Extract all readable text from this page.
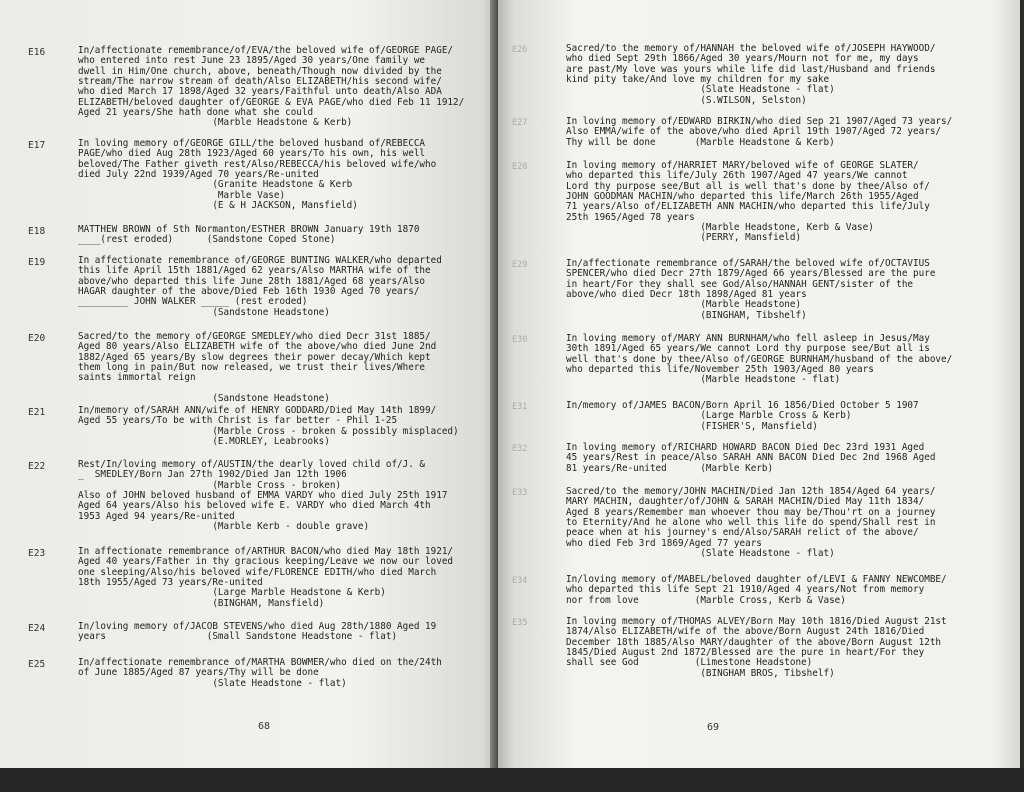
E16	In/affectionate remembrance/of/EVA/the beloved wife of/GEORGE PAGE/
who entered into rest June 23 1895/Aged 30 years/One family we
dwell in Him/One church, above, beneath/Though now divided by the
stream/The narrow stream of death/Also ELIZABETH/his second wife/
who died March 17 1898/Aged 32 years/Faithful unto death/Also ADA
ELIZABETH/beloved daughter of/GEORGE & EVA PAGE/who died Feb 11 1912/
Aged 21 years/She hath done what she could
(Marble Headstone & Kerb)
E17	In loving memory of/GEORGE GILL/the beloved husband of/REBECCA
PAGE/who died Aug 28th 1923/Aged 60 years/To his own, his well
beloved/The Father giveth rest/Also/REBECCA/his beloved wife/who
died July 22nd 1939/Aged 70 years/Re-united
(Granite Headstone & Kerb
Marble Vase)
(E & H JACKSON, Mansfield)
E18	MATTHEW BROWN of Sth Normanton/ESTHER BROWN January 19th 1870
____(rest eroded)      (Sandstone Coped Stone)
E19	In affectionate remembrance of/GEORGE BUNTING WALKER/who departed
this life April 15th 1881/Aged 62 years/Also MARTHA wife of the
above/who departed this life June 28th 1881/Aged 68 years/Also
HAGAR daughter of the above/Died Feb 16th 1930 Aged 70 years/
_________ JOHN WALKER _____ (rest eroded)
(Sandstone Headstone)
E20	Sacred/to the memory of/GEORGE SMEDLEY/who died Decr 31st 1885/
Aged 80 years/Also ELIZABETH wife of the above/who died June 2nd
1882/Aged 65 years/By slow degrees their power decay/Which kept
them long in pain/But now released, we trust their lives/Where
saints immortal reign
(Sandstone Headstone)
E21	In/memory of/SARAH ANN/wife of HENRY GODDARD/Died May 14th 1899/
Aged 55 years/To be with Christ is far better - Phil 1-25
(Marble Cross - broken & possibly misplaced)
(E.MORLEY, Leabrooks)
E22	Rest/In/loving memory of/AUSTIN/the dearly loved child of/J. &
_  SMEDLEY/Born Jan 27th 1902/Died Jan 12th 1906
(Marble Cross - broken)
Also of JOHN beloved husband of EMMA VARDY who died July 25th 1917
Aged 64 years/Also his beloved wife E. VARDY who died March 4th
1953 Aged 94 years/Re-united
(Marble Kerb - double grave)
E23	In affectionate remembrance of/ARTHUR BACON/who died May 18th 1921/
Aged 40 years/Father in thy gracious keeping/Leave we now our loved
one sleeping/Also/his beloved wife/FLORENCE EDITH/who died March
18th 1955/Aged 73 years/Re-united
(Large Marble Headstone & Kerb)
(BINGHAM, Mansfield)
E24	In/loving memory of/JACOB STEVENS/who died Aug 28th/1880 Aged 19
years                  (Small Sandstone Headstone - flat)
E25	In/affectionate remembrance of/MARTHA BOWMER/who died on the/24th
of June 1885/Aged 87 years/Thy will be done
(Slate Headstone - flat)
68
E26	Sacred/to the memory of/HANNAH the beloved wife of/JOSEPH HAYWOOD/
who died Sept 29th 1866/Aged 30 years/Mourn not for me, my days
are past/My love was yours while life did last/Husband and friends
kind pity take/And love my children for my sake
(Slate Headstone - flat)
(S.WILSON, Selston)
E27	In loving memory of/EDWARD BIRKIN/who died Sep 21 1907/Aged 73 years/
Also EMMA/wife of the above/who died April 19th 1907/Aged 72 years/
Thy will be done       (Marble Headstone & Kerb)
E28	In loving memory of/HARRIET MARY/beloved wife of GEORGE SLATER/
who departed this life/July 26th 1907/Aged 47 years/We cannot
Lord thy purpose see/But all is well that's done by thee/Also of/
JOHN GOODMAN MACHIN/who departed this life/March 26th 1955/Aged
71 years/Also of/ELIZABETH ANN MACHIN/who departed this life/July
25th 1965/Aged 78 years
(Marble Headstone, Kerb & Vase)
(PERRY, Mansfield)
E29	In/affectionate remembrance of/SARAH/the beloved wife of/OCTAVIUS
SPENCER/who died Decr 27th 1879/Aged 66 years/Blessed are the pure
in heart/For they shall see God/Also/HANNAH GENT/sister of the
above/who died Decr 18th 1898/Aged 81 years
(Marble Headstone)
(BINGHAM, Tibshelf)
E30	In loving memory of/MARY ANN BURNHAM/who fell asleep in Jesus/May
30th 1891/Aged 65 years/We cannot Lord thy purpose see/But all is
well that's done by thee/Also of/GEORGE BURNHAM/husband of the above/
who departed this life/November 25th 1903/Aged 80 years
(Marble Headstone - flat)
E31	In/memory of/JAMES BACON/Born April 16 1856/Died October 5 1907
(Large Marble Cross & Kerb)
(FISHER'S, Mansfield)
E32	In loving memory of/RICHARD HOWARD BACON Died Dec 23rd 1931 Aged
45 years/Rest in peace/Also SARAH ANN BACON Died Dec 2nd 1968 Aged
81 years/Re-united      (Marble Kerb)
E33	Sacred/to the memory/JOHN MACHIN/Died Jan 12th 1854/Aged 64 years/
MARY MACHIN, daughter/of/JOHN & SARAH MACHIN/Died May 11th 1834/
Aged 8 years/Remember man whoever thou may be/Thou'rt on a journey
to Eternity/And he alone who well this life do spend/Shall rest in
peace when at his journey's end/Also/SARAH relict of the above/
who died Feb 3rd 1869/Aged 77 years
(Slate Headstone - flat)
E34	In/loving memory of/MABEL/beloved daughter of/LEVI & FANNY NEWCOMBE/
who departed this life Sept 21 1910/Aged 4 years/Not from memory
nor from love          (Marble Cross, Kerb & Vase)
E35	In loving memory of/THOMAS ALVEY/Born May 10th 1816/Died August 21st
1874/Also ELIZABETH/wife of the above/Born August 24th 1816/Died
December 18th 1885/Also MARY/daughter of the above/Born August 12th
1845/Died August 2nd 1872/Blessed are the pure in heart/For they
shall see God          (Limestone Headstone)
(BINGHAM BROS, Tibshelf)
69
